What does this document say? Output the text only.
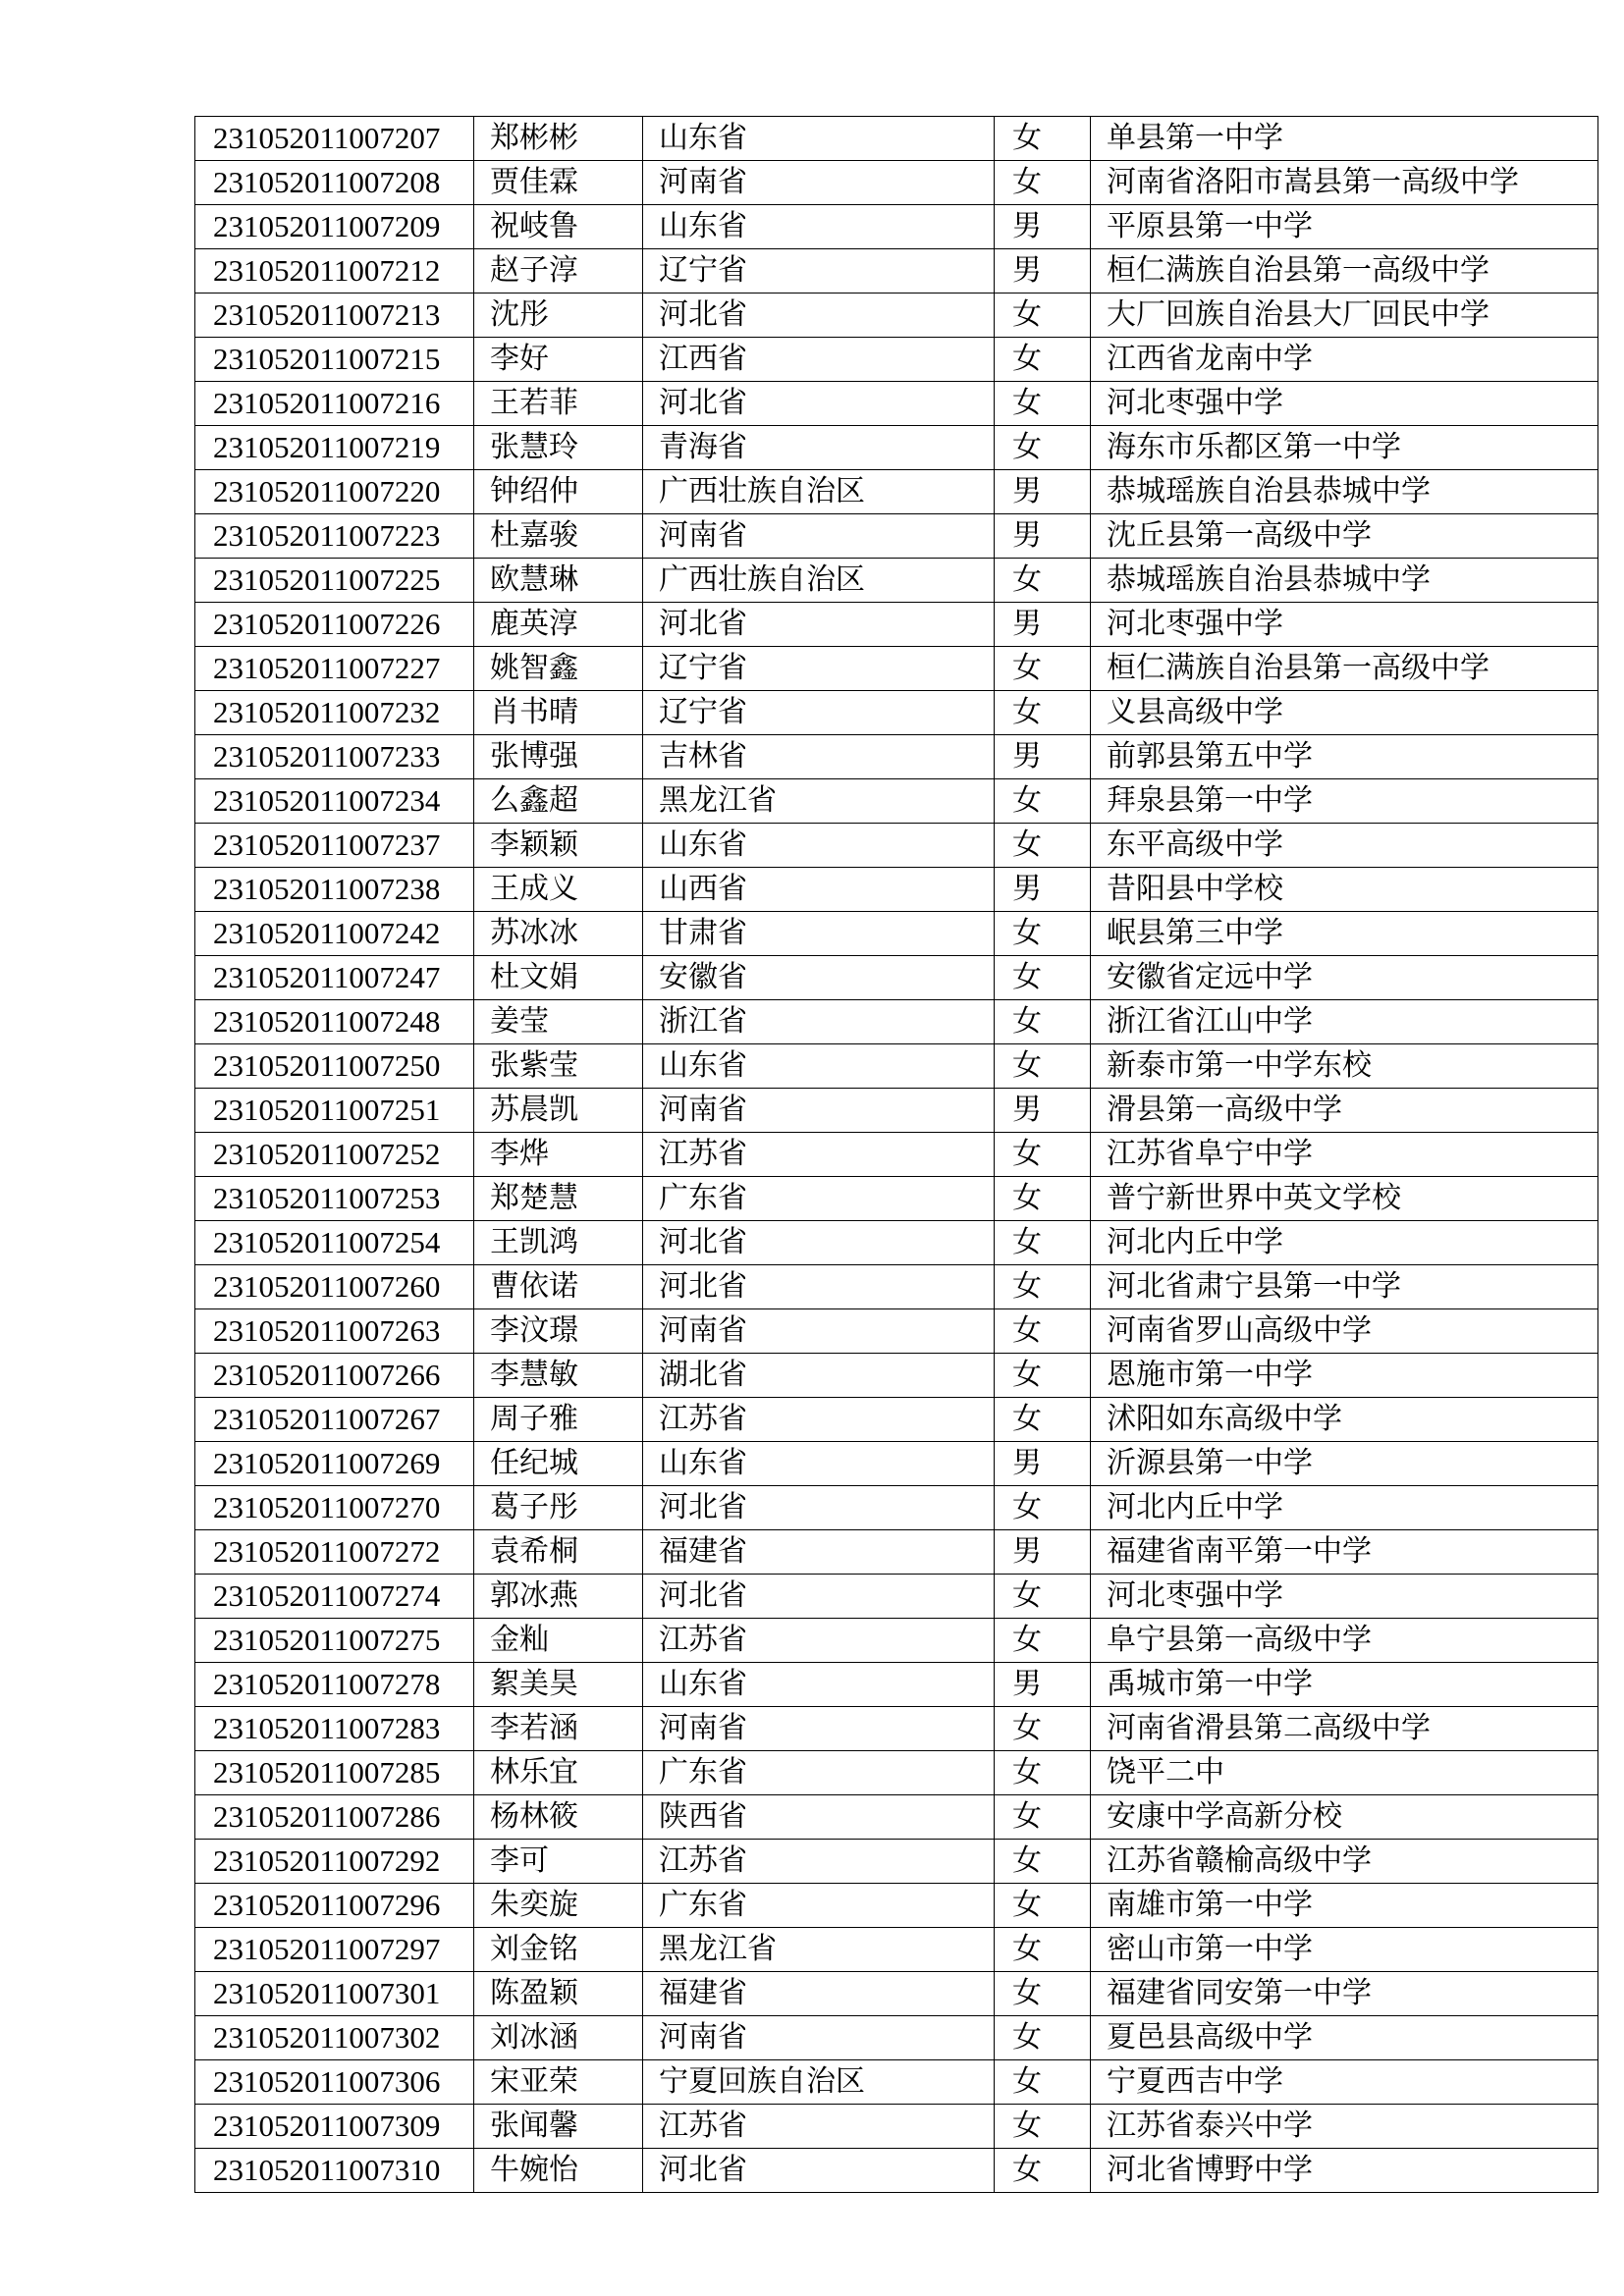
231052011007207	郑彬彬	山东省	女	单县第一中学
231052011007208	贾佳霖	河南省	女	河南省洛阳市嵩县第一高级中学
231052011007209	祝岐鲁	山东省	男	平原县第一中学
231052011007212	赵子淳	辽宁省	男	桓仁满族自治县第一高级中学
231052011007213	沈彤	河北省	女	大厂回族自治县大厂回民中学
231052011007215	李好	江西省	女	江西省龙南中学
231052011007216	王若菲	河北省	女	河北枣强中学
231052011007219	张慧玲	青海省	女	海东市乐都区第一中学
231052011007220	钟绍仲	广西壮族自治区	男	恭城瑶族自治县恭城中学
231052011007223	杜嘉骏	河南省	男	沈丘县第一高级中学
231052011007225	欧慧琳	广西壮族自治区	女	恭城瑶族自治县恭城中学
231052011007226	鹿英淳	河北省	男	河北枣强中学
231052011007227	姚智鑫	辽宁省	女	桓仁满族自治县第一高级中学
231052011007232	肖书晴	辽宁省	女	义县高级中学
231052011007233	张博强	吉林省	男	前郭县第五中学
231052011007234	么鑫超	黑龙江省	女	拜泉县第一中学
231052011007237	李颖颖	山东省	女	东平高级中学
231052011007238	王成义	山西省	男	昔阳县中学校
231052011007242	苏冰冰	甘肃省	女	岷县第三中学
231052011007247	杜文娟	安徽省	女	安徽省定远中学
231052011007248	姜莹	浙江省	女	浙江省江山中学
231052011007250	张紫莹	山东省	女	新泰市第一中学东校
231052011007251	苏晨凯	河南省	男	滑县第一高级中学
231052011007252	李烨	江苏省	女	江苏省阜宁中学
231052011007253	郑楚慧	广东省	女	普宁新世界中英文学校
231052011007254	王凯鸿	河北省	女	河北内丘中学
231052011007260	曹依诺	河北省	女	河北省肃宁县第一中学
231052011007263	李汶璟	河南省	女	河南省罗山高级中学
231052011007266	李慧敏	湖北省	女	恩施市第一中学
231052011007267	周子雅	江苏省	女	沭阳如东高级中学
231052011007269	任纪城	山东省	男	沂源县第一中学
231052011007270	葛子彤	河北省	女	河北内丘中学
231052011007272	袁希桐	福建省	男	福建省南平第一中学
231052011007274	郭冰燕	河北省	女	河北枣强中学
231052011007275	金籼	江苏省	女	阜宁县第一高级中学
231052011007278	絮美昊	山东省	男	禹城市第一中学
231052011007283	李若涵	河南省	女	河南省滑县第二高级中学
231052011007285	林乐宜	广东省	女	饶平二中
231052011007286	杨林筱	陕西省	女	安康中学高新分校
231052011007292	李可	江苏省	女	江苏省赣榆高级中学
231052011007296	朱奕旋	广东省	女	南雄市第一中学
231052011007297	刘金铭	黑龙江省	女	密山市第一中学
231052011007301	陈盈颖	福建省	女	福建省同安第一中学
231052011007302	刘冰涵	河南省	女	夏邑县高级中学
231052011007306	宋亚荣	宁夏回族自治区	女	宁夏西吉中学
231052011007309	张闻馨	江苏省	女	江苏省泰兴中学
231052011007310	牛婉怡	河北省	女	河北省博野中学
